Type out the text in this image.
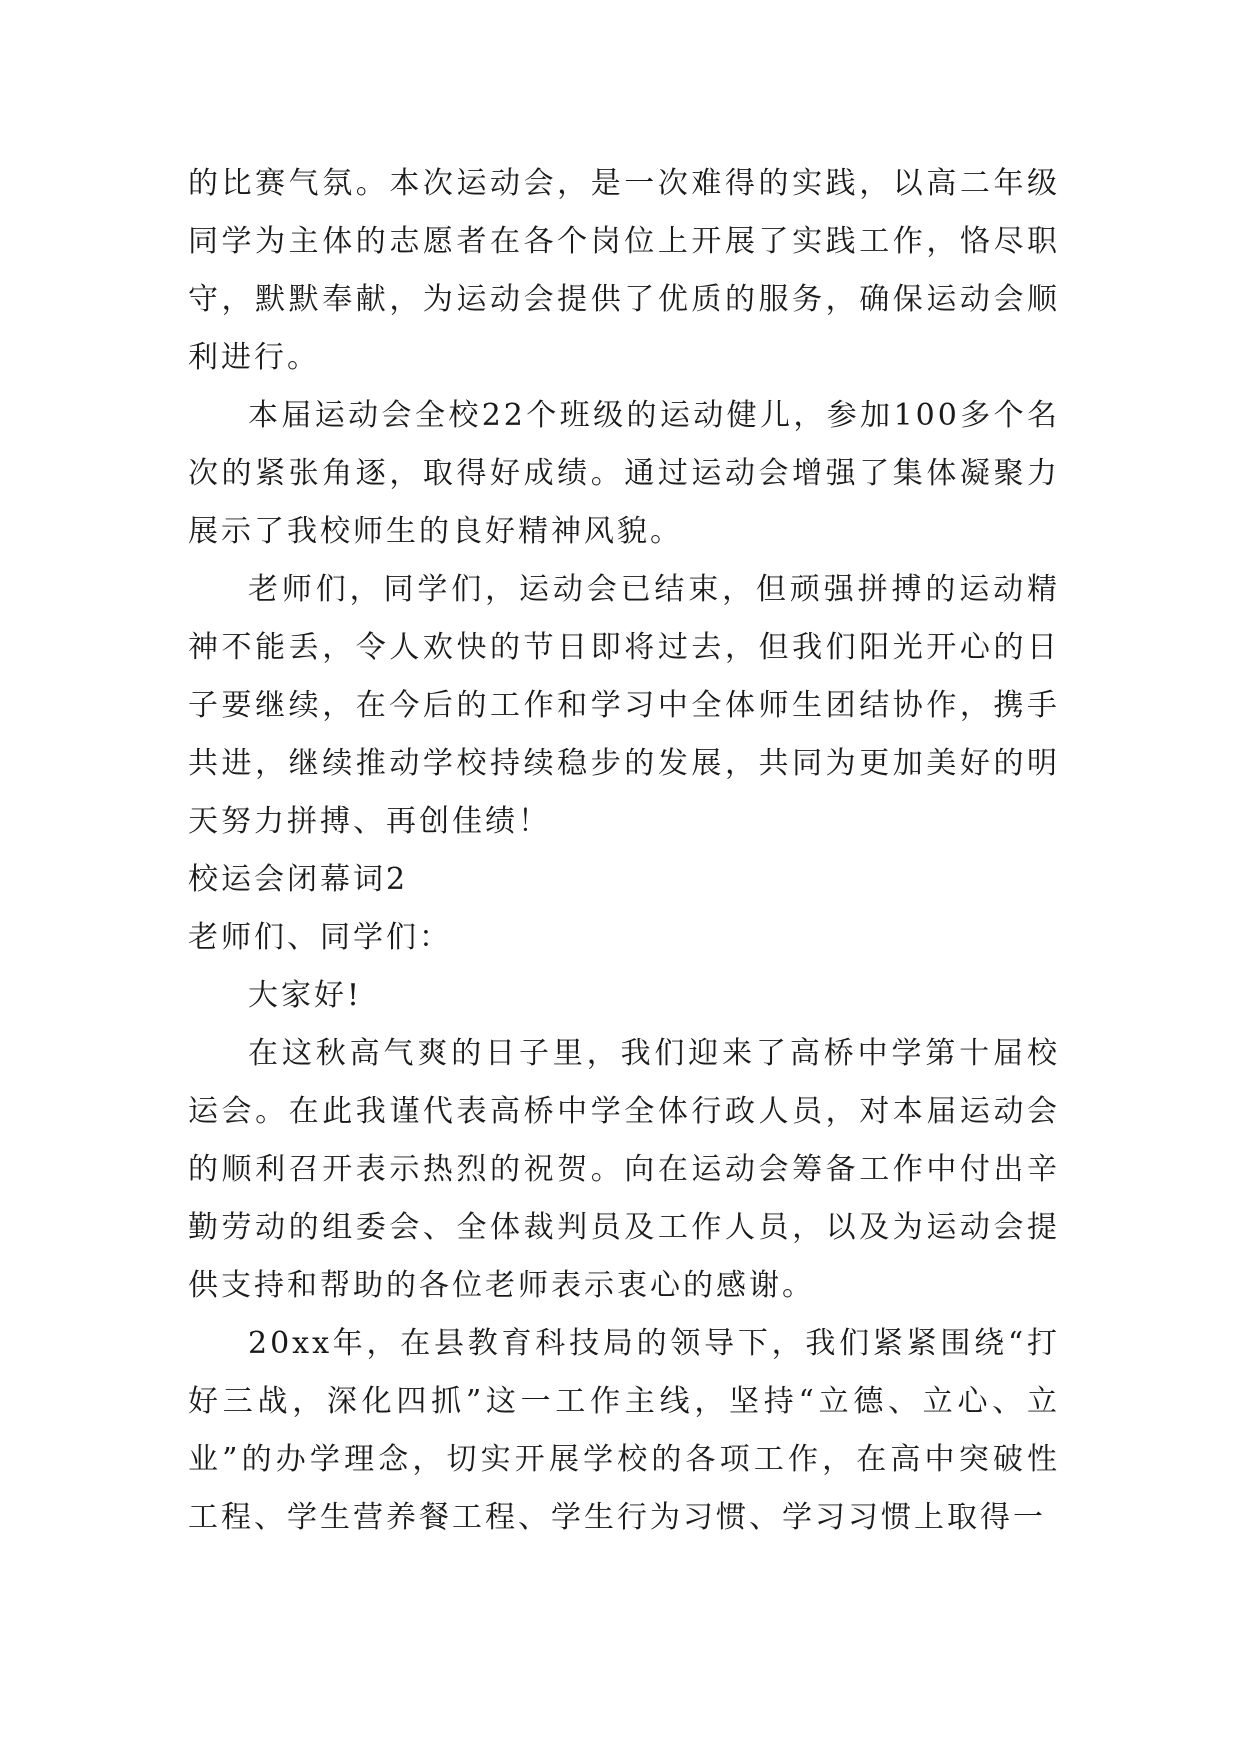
的比赛气氛。本次运动会，是一次难得的实践，以高二年级同学为主体的志愿者在各个岗位上开展了实践工作，恪尽职守，默默奉献，为运动会提供了优质的服务，确保运动会顺利进行。

本届运动会全校22个班级的运动健儿，参加100多个名次的紧张角逐，取得好成绩。通过运动会增强了集体凝聚力展示了我校师生的良好精神风貌。

老师们，同学们，运动会已结束，但顽强拼搏的运动精神不能丢，令人欢快的节日即将过去，但我们阳光开心的日子要继续，在今后的工作和学习中全体师生团结协作，携手共进，继续推动学校持续稳步的发展，共同为更加美好的明天努力拼搏、再创佳绩！

校运会闭幕词2

老师们、同学们：

大家好!

在这秋高气爽的日子里，我们迎来了高桥中学第十届校运会。在此我谨代表高桥中学全体行政人员，对本届运动会的顺利召开表示热烈的祝贺。向在运动会筹备工作中付出辛勤劳动的组委会、全体裁判员及工作人员，以及为运动会提供支持和帮助的各位老师表示衷心的感谢。

20xx年，在县教育科技局的领导下，我们紧紧围绕“打好三战，深化四抓”这一工作主线，坚持“立德、立心、立业”的办学理念，切实开展学校的各项工作，在高中突破性工程、学生营养餐工程、学生行为习惯、学习习惯上取得一
